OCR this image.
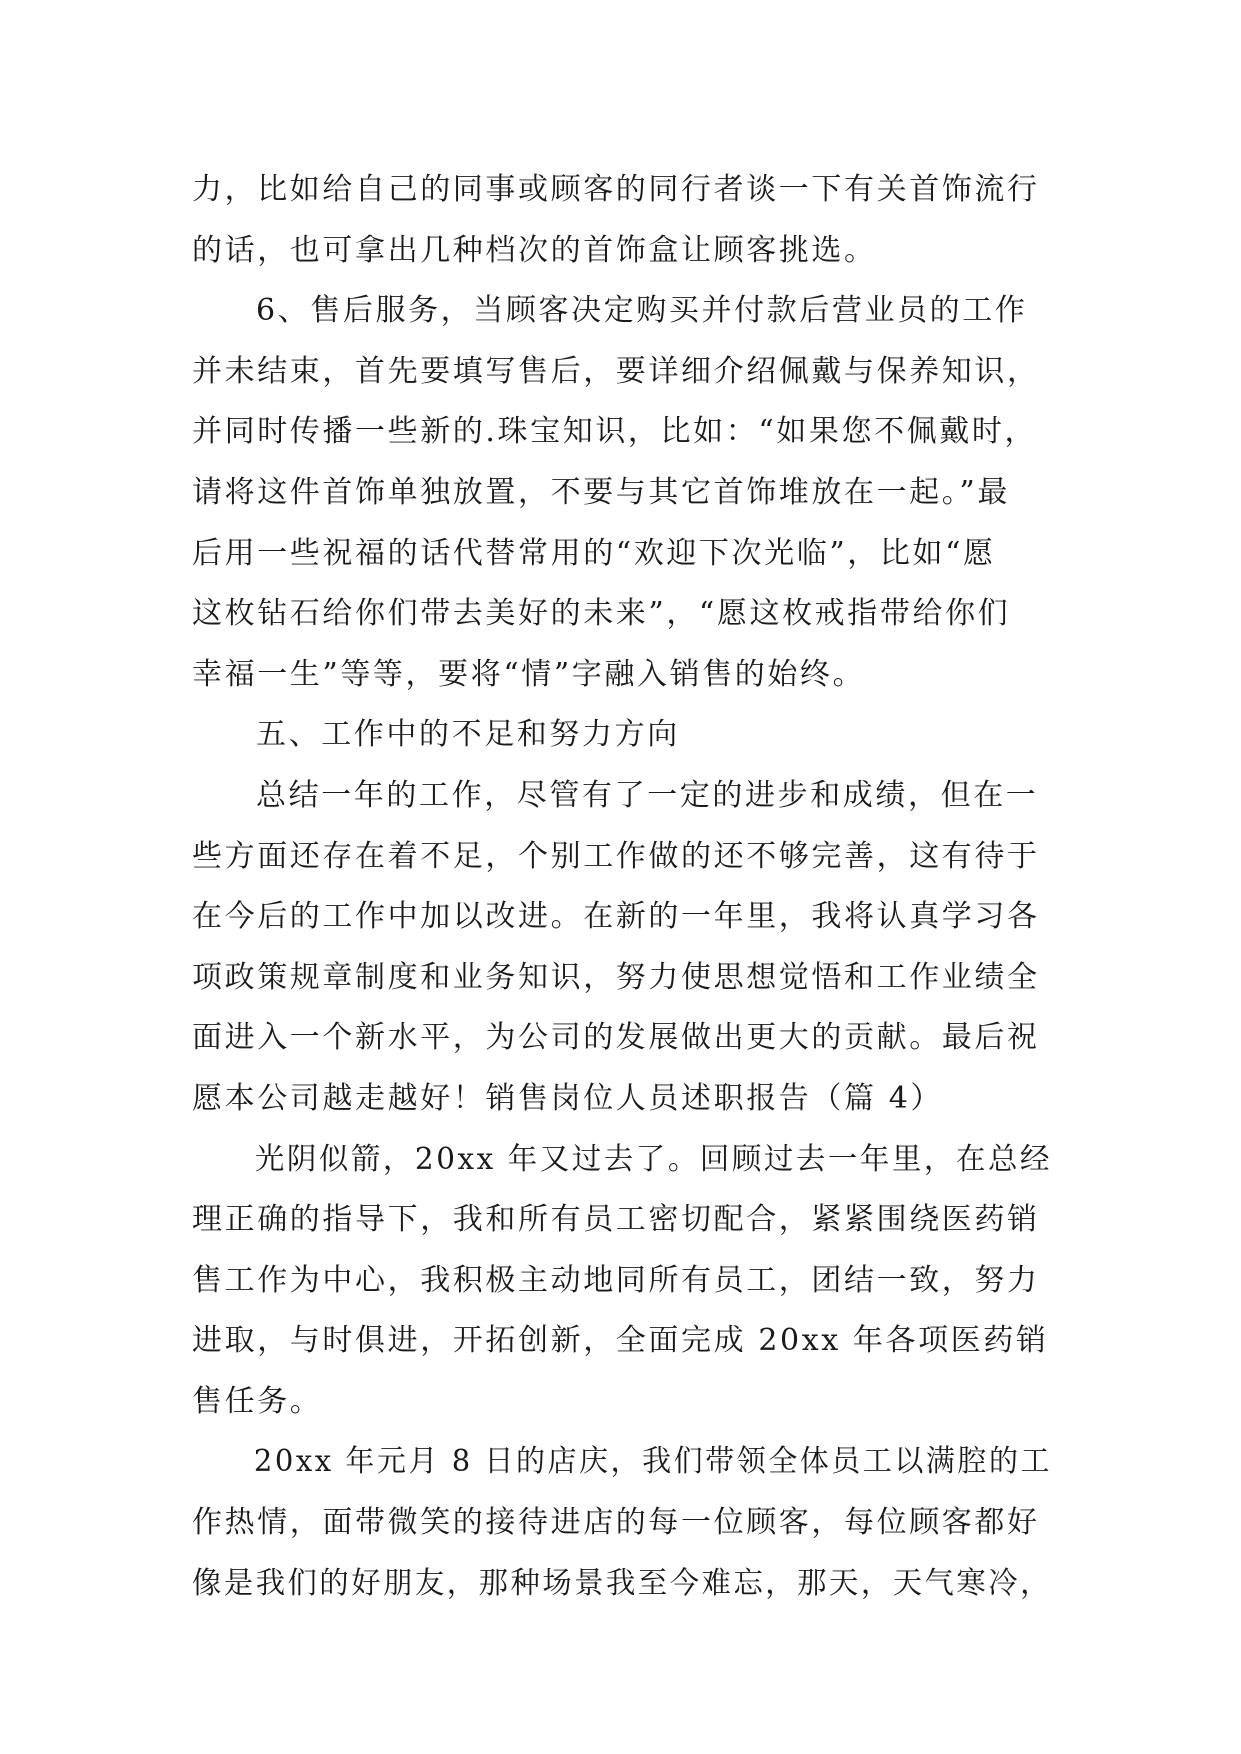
力，比如给自己的同事或顾客的同行者谈一下有关首饰流行
的话，也可拿出几种档次的首饰盒让顾客挑选。
6、售后服务，当顾客决定购买并付款后营业员的工作
并未结束，首先要填写售后，要详细介绍佩戴与保养知识，
并同时传播一些新的.珠宝知识，比如：“如果您不佩戴时，
请将这件首饰单独放置，不要与其它首饰堆放在一起。”最
后用一些祝福的话代替常用的“欢迎下次光临”，比如“愿
这枚钻石给你们带去美好的未来”，“愿这枚戒指带给你们
幸福一生”等等，要将“情”字融入销售的始终。
五、工作中的不足和努力方向
总结一年的工作，尽管有了一定的进步和成绩，但在一
些方面还存在着不足，个别工作做的还不够完善，这有待于
在今后的工作中加以改进。在新的一年里，我将认真学习各
项政策规章制度和业务知识，努力使思想觉悟和工作业绩全
面进入一个新水平，为公司的发展做出更大的贡献。最后祝
愿本公司越走越好！销售岗位人员述职报告（篇 4）
光阴似箭，20xx 年又过去了。回顾过去一年里，在总经
理正确的指导下，我和所有员工密切配合，紧紧围绕医药销
售工作为中心，我积极主动地同所有员工，团结一致，努力
进取，与时俱进，开拓创新，全面完成 20xx 年各项医药销
售任务。
20xx 年元月 8 日的店庆，我们带领全体员工以满腔的工
作热情，面带微笑的接待进店的每一位顾客，每位顾客都好
像是我们的好朋友，那种场景我至今难忘，那天，天气寒冷，
